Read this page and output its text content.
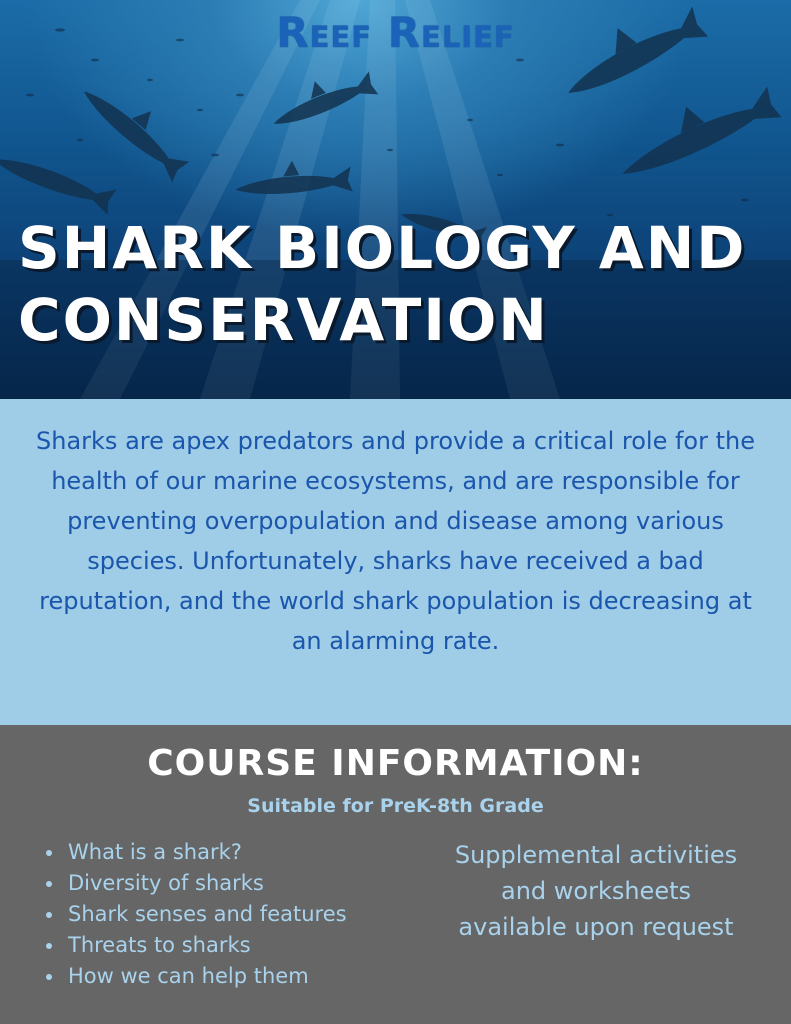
Reef Relief
SHARK BIOLOGY AND CONSERVATION

Sharks are apex predators and provide a critical role for the health of our marine ecosystems, and are responsible for preventing overpopulation and disease among various species. Unfortunately, sharks have received a bad reputation, and the world shark population is decreasing at an alarming rate.

COURSE INFORMATION:
Suitable for PreK-8th Grade
What is a shark?
Diversity of sharks
Shark senses and features
Threats to sharks
How we can help them
Supplemental activities and worksheets available upon request
